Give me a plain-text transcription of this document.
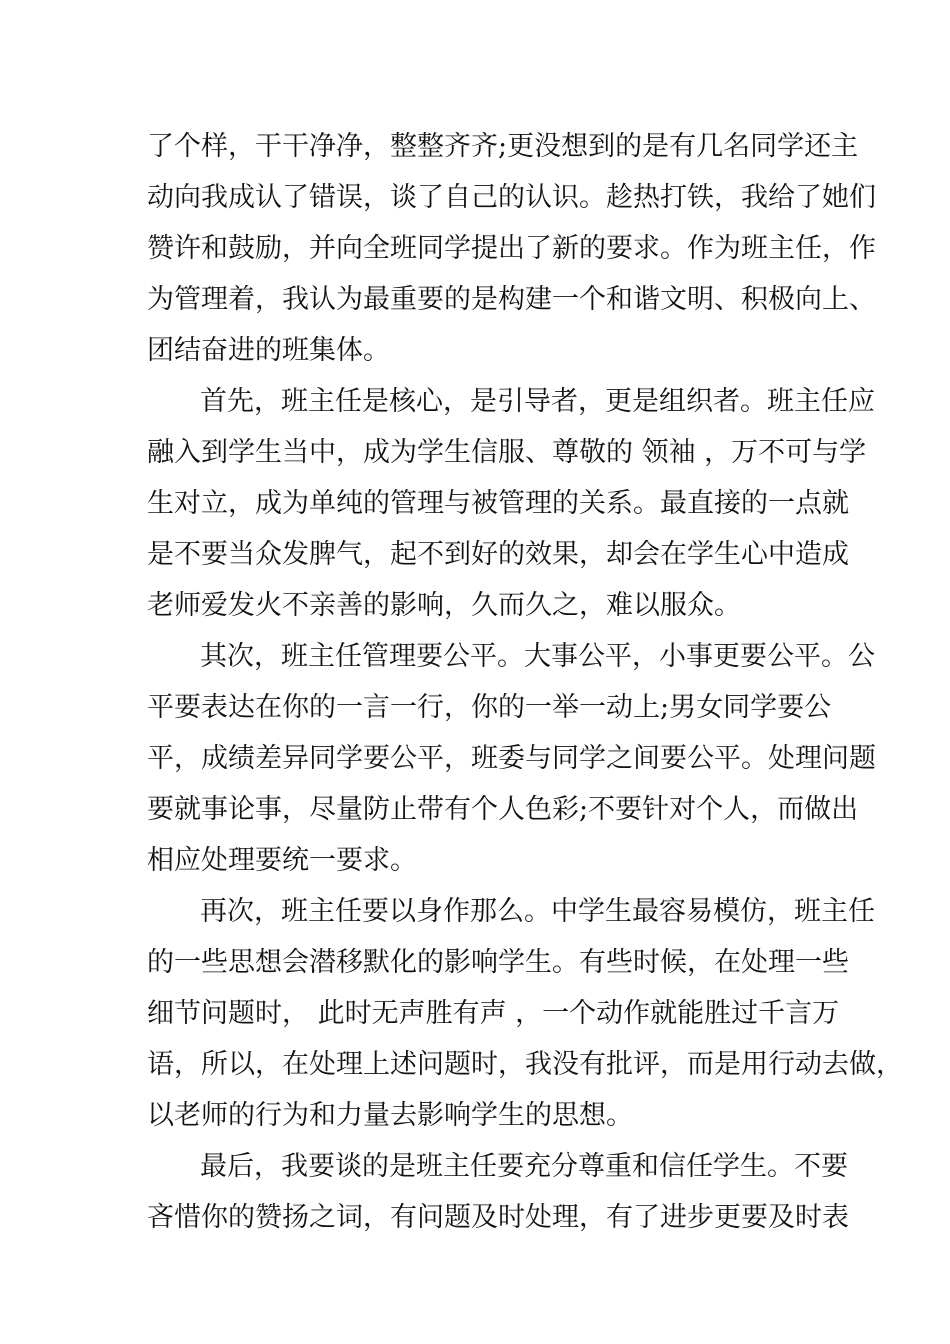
了个样，干干净净，整整齐齐;更没想到的是有几名同学还主
动向我成认了错误，谈了自己的认识。趁热打铁，我给了她们
赞许和鼓励，并向全班同学提出了新的要求。作为班主任，作
为管理着，我认为最重要的是构建一个和谐文明、积极向上、
团结奋进的班集体。
首先，班主任是核心，是引导者，更是组织者。班主任应
融入到学生当中，成为学生信服、尊敬的 领袖 ，万不可与学
生对立，成为单纯的管理与被管理的关系。最直接的一点就
是不要当众发脾气，起不到好的效果，却会在学生心中造成
老师爱发火不亲善的影响，久而久之，难以服众。
其次，班主任管理要公平。大事公平，小事更要公平。公
平要表达在你的一言一行，你的一举一动上;男女同学要公
平，成绩差异同学要公平，班委与同学之间要公平。处理问题
要就事论事，尽量防止带有个人色彩;不要针对个人，而做出
相应处理要统一要求。
再次，班主任要以身作那么。中学生最容易模仿，班主任
的一些思想会潜移默化的影响学生。有些时候，在处理一些
细节问题时， 此时无声胜有声 ，一个动作就能胜过千言万
语，所以，在处理上述问题时，我没有批评，而是用行动去做，
以老师的行为和力量去影响学生的思想。
最后，我要谈的是班主任要充分尊重和信任学生。不要
吝惜你的赞扬之词，有问题及时处理，有了进步更要及时表
